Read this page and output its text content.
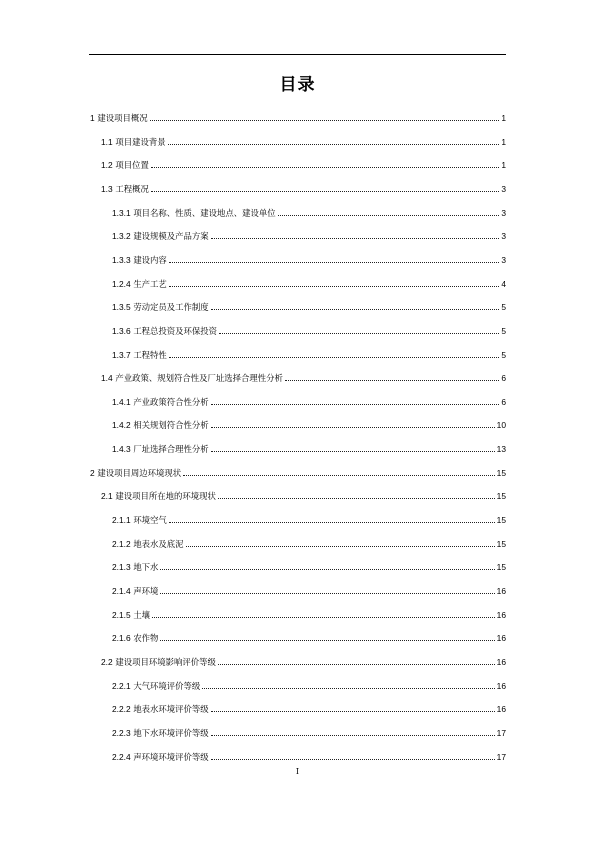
目录
1 建设项目概况	1
1.1 项目建设背景	1
1.2 项目位置	1
1.3 工程概况	3
1.3.1 项目名称、性质、建设地点、建设单位	3
1.3.2 建设规模及产品方案	3
1.3.3 建设内容	3
1.2.4 生产工艺	4
1.3.5 劳动定员及工作制度	5
1.3.6 工程总投资及环保投资	5
1.3.7 工程特性	5
1.4 产业政策、规划符合性及厂址选择合理性分析	6
1.4.1 产业政策符合性分析	6
1.4.2 相关规划符合性分析	10
1.4.3 厂址选择合理性分析	13
2 建设项目周边环境现状	15
2.1 建设项目所在地的环境现状	15
2.1.1 环境空气	15
2.1.2 地表水及底泥	15
2.1.3 地下水	15
2.1.4 声环境	16
2.1.5 土壤	16
2.1.6 农作物	16
2.2 建设项目环境影响评价等级	16
2.2.1 大气环境评价等级	16
2.2.2 地表水环境评价等级	16
2.2.3 地下水环境评价等级	17
2.2.4 声环境环境评价等级	17
I
